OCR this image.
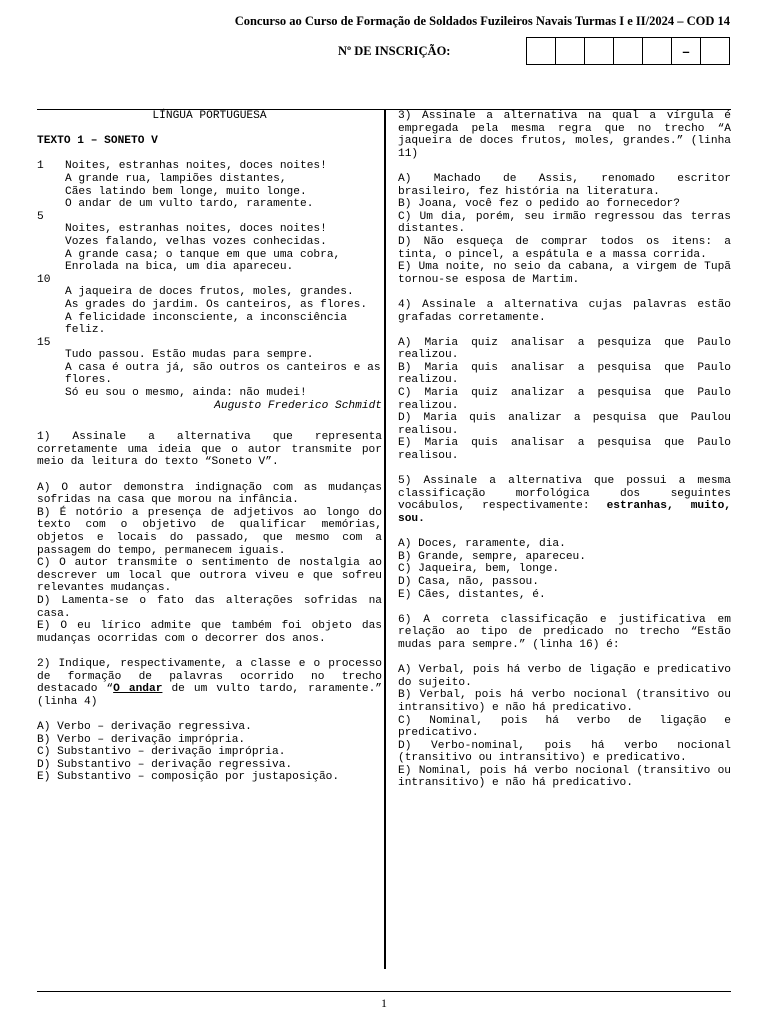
Concurso ao Curso de Formação de Soldados Fuzileiros Navais Turmas I e II/2024 – COD 14
Nº DE INSCRIÇÃO:	–
LÍNGUA PORTUGUESA
TEXTO 1 – SONETO V
1 Noites, estranhas noites, doces noites!
A grande rua, lampiões distantes,
Cães latindo bem longe, muito longe.
O andar de um vulto tardo, raramente.
5
Noites, estranhas noites, doces noites!
Vozes falando, velhas vozes conhecidas.
A grande casa; o tanque em que uma cobra,
Enrolada na bica, um dia apareceu.
10
A jaqueira de doces frutos, moles, grandes.
As grades do jardim. Os canteiros, as flores.
A felicidade inconsciente, a inconsciência feliz.
15
Tudo passou. Estão mudas para sempre.
A casa é outra já, são outros os canteiros e as flores.
Só eu sou o mesmo, ainda: não mudei!
Augusto Frederico Schmidt
1) Assinale a alternativa que representa corretamente uma ideia que o autor transmite por meio da leitura do texto “Soneto V”.
A) O autor demonstra indignação com as mudanças sofridas na casa que morou na infância.
B) É notório a presença de adjetivos ao longo do texto com o objetivo de qualificar memórias, objetos e locais do passado, que mesmo com a passagem do tempo, permanecem iguais.
C) O autor transmite o sentimento de nostalgia ao descrever um local que outrora viveu e que sofreu relevantes mudanças.
D) Lamenta-se o fato das alterações sofridas na casa.
E) O eu lírico admite que também foi objeto das mudanças ocorridas com o decorrer dos anos.
2) Indique, respectivamente, a classe e o processo de formação de palavras ocorrido no trecho destacado “O andar de um vulto tardo, raramente.” (linha 4)
A) Verbo – derivação regressiva.
B) Verbo – derivação imprópria.
C) Substantivo – derivação imprópria.
D) Substantivo – derivação regressiva.
E) Substantivo – composição por justaposição.
3) Assinale a alternativa na qual a vírgula é empregada pela mesma regra que no trecho “A jaqueira de doces frutos, moles, grandes.” (linha 11)
A) Machado de Assis, renomado escritor brasileiro, fez história na literatura.
B) Joana, você fez o pedido ao fornecedor?
C) Um dia, porém, seu irmão regressou das terras distantes.
D) Não esqueça de comprar todos os itens: a tinta, o pincel, a espátula e a massa corrida.
E) Uma noite, no seio da cabana, a virgem de Tupã tornou-se esposa de Martim.
4) Assinale a alternativa cujas palavras estão grafadas corretamente.
A) Maria quiz analisar a pesquiza que Paulo realizou.
B) Maria quis analisar a pesquisa que Paulo realizou.
C) Maria quiz analizar a pesquisa que Paulo realizou.
D) Maria quis analizar a pesquisa que Paulou realisou.
E) Maria quis analisar a pesquisa que Paulo realisou.
5) Assinale a alternativa que possui a mesma classificação morfológica dos seguintes vocábulos, respectivamente: estranhas, muito, sou.
A) Doces, raramente, dia.
B) Grande, sempre, apareceu.
C) Jaqueira, bem, longe.
D) Casa, não, passou.
E) Cães, distantes, é.
6) A correta classificação e justificativa em relação ao tipo de predicado no trecho “Estão mudas para sempre.” (linha 16) é:
A) Verbal, pois há verbo de ligação e predicativo do sujeito.
B) Verbal, pois há verbo nocional (transitivo ou intransitivo) e não há predicativo.
C) Nominal, pois há verbo de ligação e predicativo.
D) Verbo-nominal, pois há verbo nocional (transitivo ou intransitivo) e predicativo.
E) Nominal, pois há verbo nocional (transitivo ou intransitivo) e não há predicativo.
1
